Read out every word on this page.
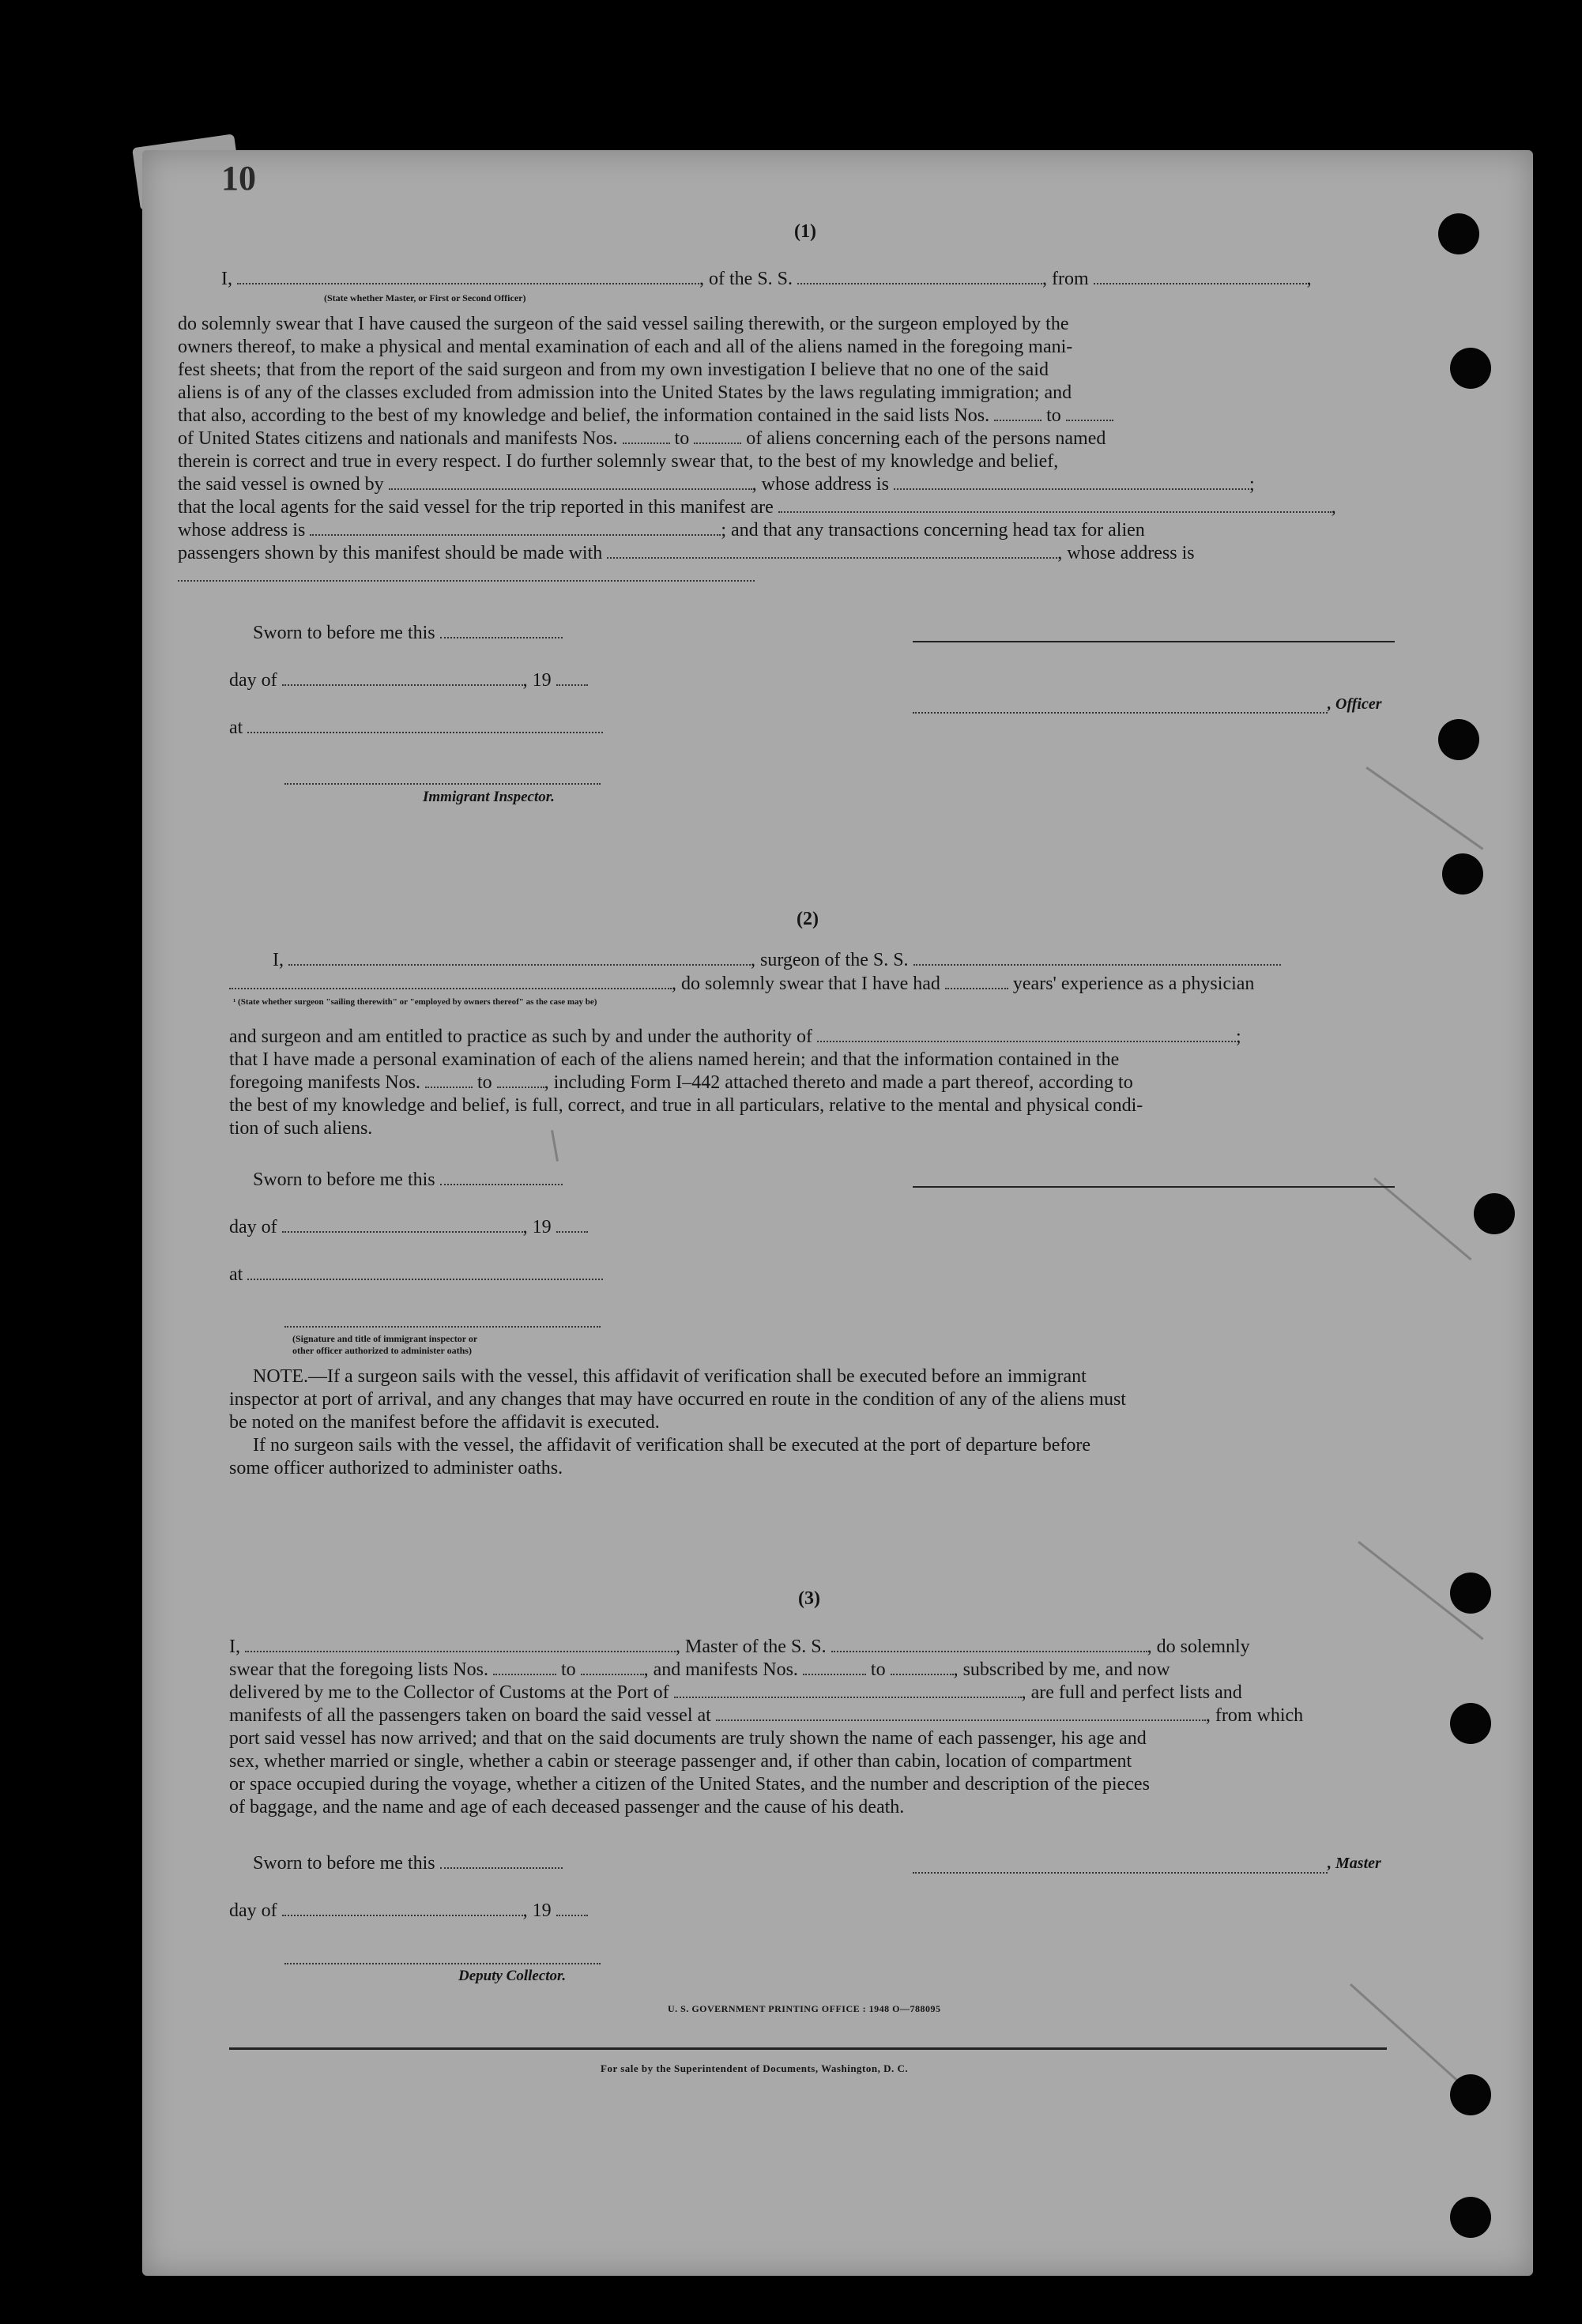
10
(1)
I,	, of the S. S.	, from	,
(State whether Master, or First or Second Officer)
do solemnly swear that I have caused the surgeon of the said vessel sailing therewith, or the surgeon employed by the
owners thereof, to make a physical and mental examination of each and all of the aliens named in the foregoing mani-
fest sheets; that from the report of the said surgeon and from my own investigation I believe that no one of the said
aliens is of any of the classes excluded from admission into the United States by the laws regulating immigration; and
that also, according to the best of my knowledge and belief, the information contained in the said lists Nos.	to
of United States citizens and nationals and manifests Nos.	to	of aliens concerning each of the persons named
therein is correct and true in every respect. I do further solemnly swear that, to the best of my knowledge and belief,
the said vessel is owned by	, whose address is	;
that the local agents for the said vessel for the trip reported in this manifest are	,
whose address is	; and that any transactions concerning head tax for alien
passengers shown by this manifest should be made with	, whose address is
Sworn to before me this
day of	, 19
, Officer
at
Immigrant Inspector.
(2)
I,	, surgeon of the S. S.
, do solemnly swear that I have had	years' experience as a physician
¹ (State whether surgeon "sailing therewith" or "employed by owners thereof" as the case may be)
and surgeon and am entitled to practice as such by and under the authority of	;
that I have made a personal examination of each of the aliens named herein; and that the information contained in the
foregoing manifests Nos.	to	, including Form I–442 attached thereto and made a part thereof, according to
the best of my knowledge and belief, is full, correct, and true in all particulars, relative to the mental and physical condi-
tion of such aliens.
Sworn to before me this
day of	, 19
at
(Signature and title of immigrant inspector or
other officer authorized to administer oaths)
NOTE.—If a surgeon sails with the vessel, this affidavit of verification shall be executed before an immigrant
inspector at port of arrival, and any changes that may have occurred en route in the condition of any of the aliens must
be noted on the manifest before the affidavit is executed.
If no surgeon sails with the vessel, the affidavit of verification shall be executed at the port of departure before
some officer authorized to administer oaths.
(3)
I,	, Master of the S. S.	, do solemnly
swear that the foregoing lists Nos.	to	, and manifests Nos.	to	, subscribed by me, and now
delivered by me to the Collector of Customs at the Port of	, are full and perfect lists and
manifests of all the passengers taken on board the said vessel at	, from which
port said vessel has now arrived; and that on the said documents are truly shown the name of each passenger, his age and
sex, whether married or single, whether a cabin or steerage passenger and, if other than cabin, location of compartment
or space occupied during the voyage, whether a citizen of the United States, and the number and description of the pieces
of baggage, and the name and age of each deceased passenger and the cause of his death.
Sworn to before me this	, Master
day of	, 19
Deputy Collector.
U. S. GOVERNMENT PRINTING OFFICE : 1948 O—788095
For sale by the Superintendent of Documents, Washington, D. C.
